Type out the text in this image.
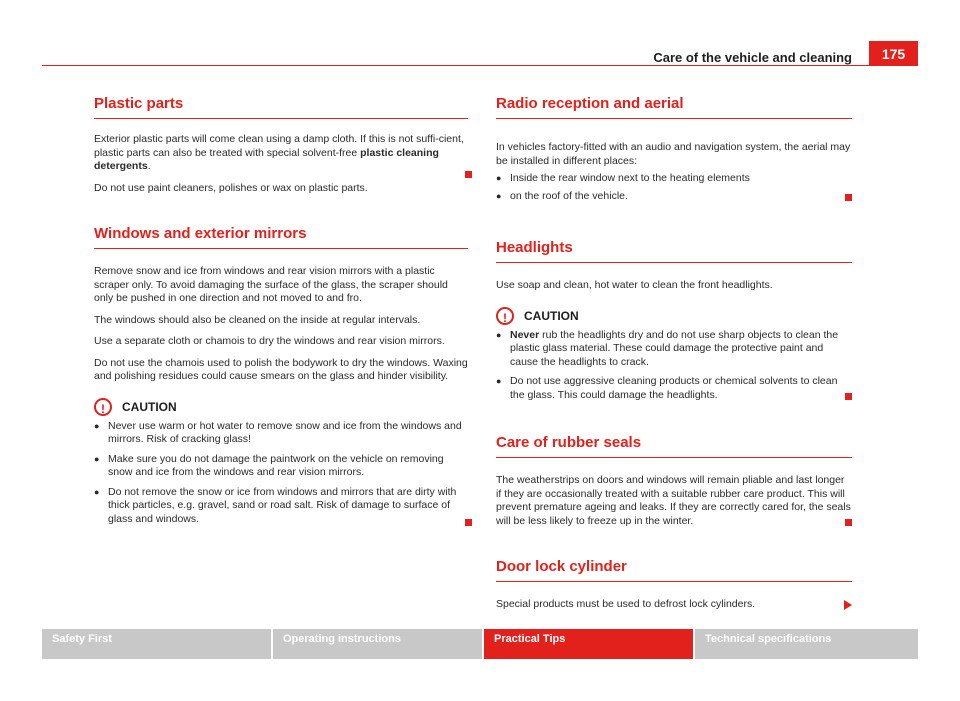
Care of the vehicle and cleaning	175
Plastic parts

Exterior plastic parts will come clean using a damp cloth. If this is not suffi-cient, plastic parts can also be treated with special solvent-free plastic cleaning detergents.

Do not use paint cleaners, polishes or wax on plastic parts.

Windows and exterior mirrors

Remove snow and ice from windows and rear vision mirrors with a plastic scraper only. To avoid damaging the surface of the glass, the scraper should only be pushed in one direction and not moved to and fro.

The windows should also be cleaned on the inside at regular intervals.

Use a separate cloth or chamois to dry the windows and rear vision mirrors.

Do not use the chamois used to polish the bodywork to dry the windows. Waxing and polishing residues could cause smears on the glass and hinder visibility.

!	CAUTION
● Never use warm or hot water to remove snow and ice from the windows and mirrors. Risk of cracking glass!
● Make sure you do not damage the paintwork on the vehicle on removing snow and ice from the windows and rear vision mirrors.
● Do not remove the snow or ice from windows and mirrors that are dirty with thick particles, e.g. gravel, sand or road salt. Risk of damage to surface of glass and windows.
Radio reception and aerial

In vehicles factory-fitted with an audio and navigation system, the aerial may be installed in different places:

● Inside the rear window next to the heating elements
● on the roof of the vehicle.
Headlights

Use soap and clean, hot water to clean the front headlights.

!	CAUTION
● Never rub the headlights dry and do not use sharp objects to clean the plastic glass material. These could damage the protective paint and cause the headlights to crack.
● Do not use aggressive cleaning products or chemical solvents to clean the glass. This could damage the headlights.
Care of rubber seals

The weatherstrips on doors and windows will remain pliable and last longer if they are occasionally treated with a suitable rubber care product. This will prevent premature ageing and leaks. If they are correctly cared for, the seals will be less likely to freeze up in the winter.

Door lock cylinder

Special products must be used to defrost lock cylinders.

Safety First	Operating instructions	Practical Tips	Technical specifications
